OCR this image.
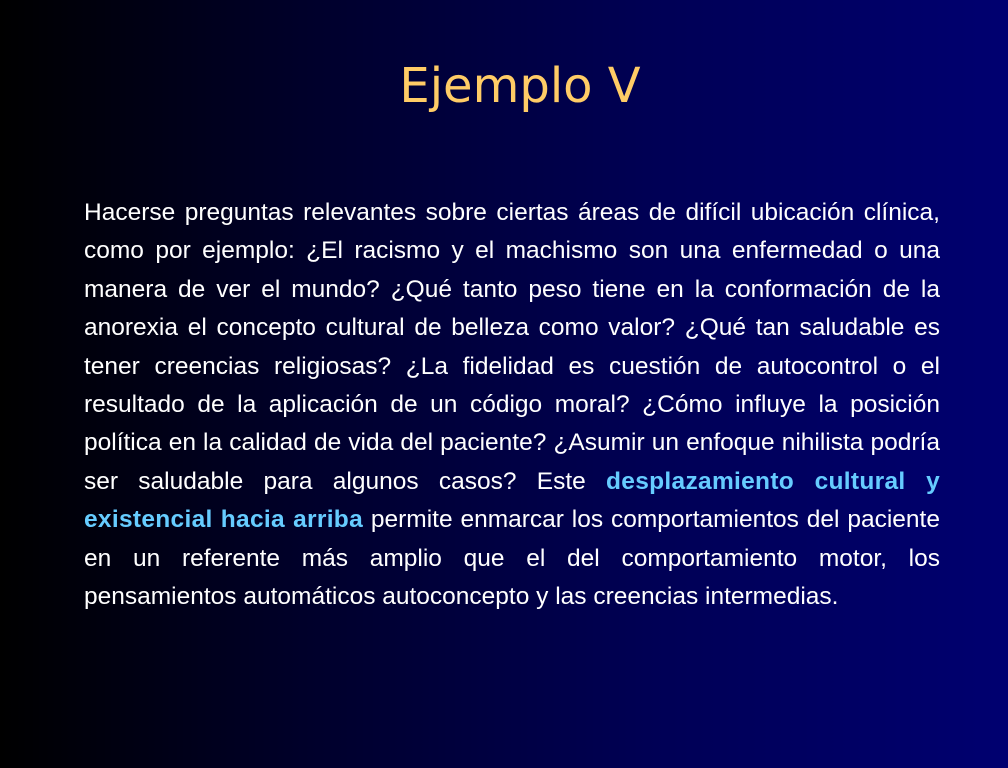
Ejemplo V

Hacerse preguntas relevantes sobre ciertas áreas de difícil ubicación clínica, como por ejemplo: ¿El racismo y el machismo son una enfermedad o una manera de ver el mundo? ¿Qué tanto peso tiene en la conformación de la anorexia el concepto cultural de belleza como valor? ¿Qué tan saludable es tener creencias religiosas? ¿La fidelidad es cuestión de autocontrol o el resultado de la aplicación de un código moral? ¿Cómo influye la posición política en la calidad de vida del paciente? ¿Asumir un enfoque nihilista podría ser saludable para algunos casos? Este desplazamiento cultural y existencial hacia arriba permite enmarcar los comportamientos del paciente en un referente más amplio que el del comportamiento motor, los pensamientos automáticos autoconcepto y las creencias intermedias.
